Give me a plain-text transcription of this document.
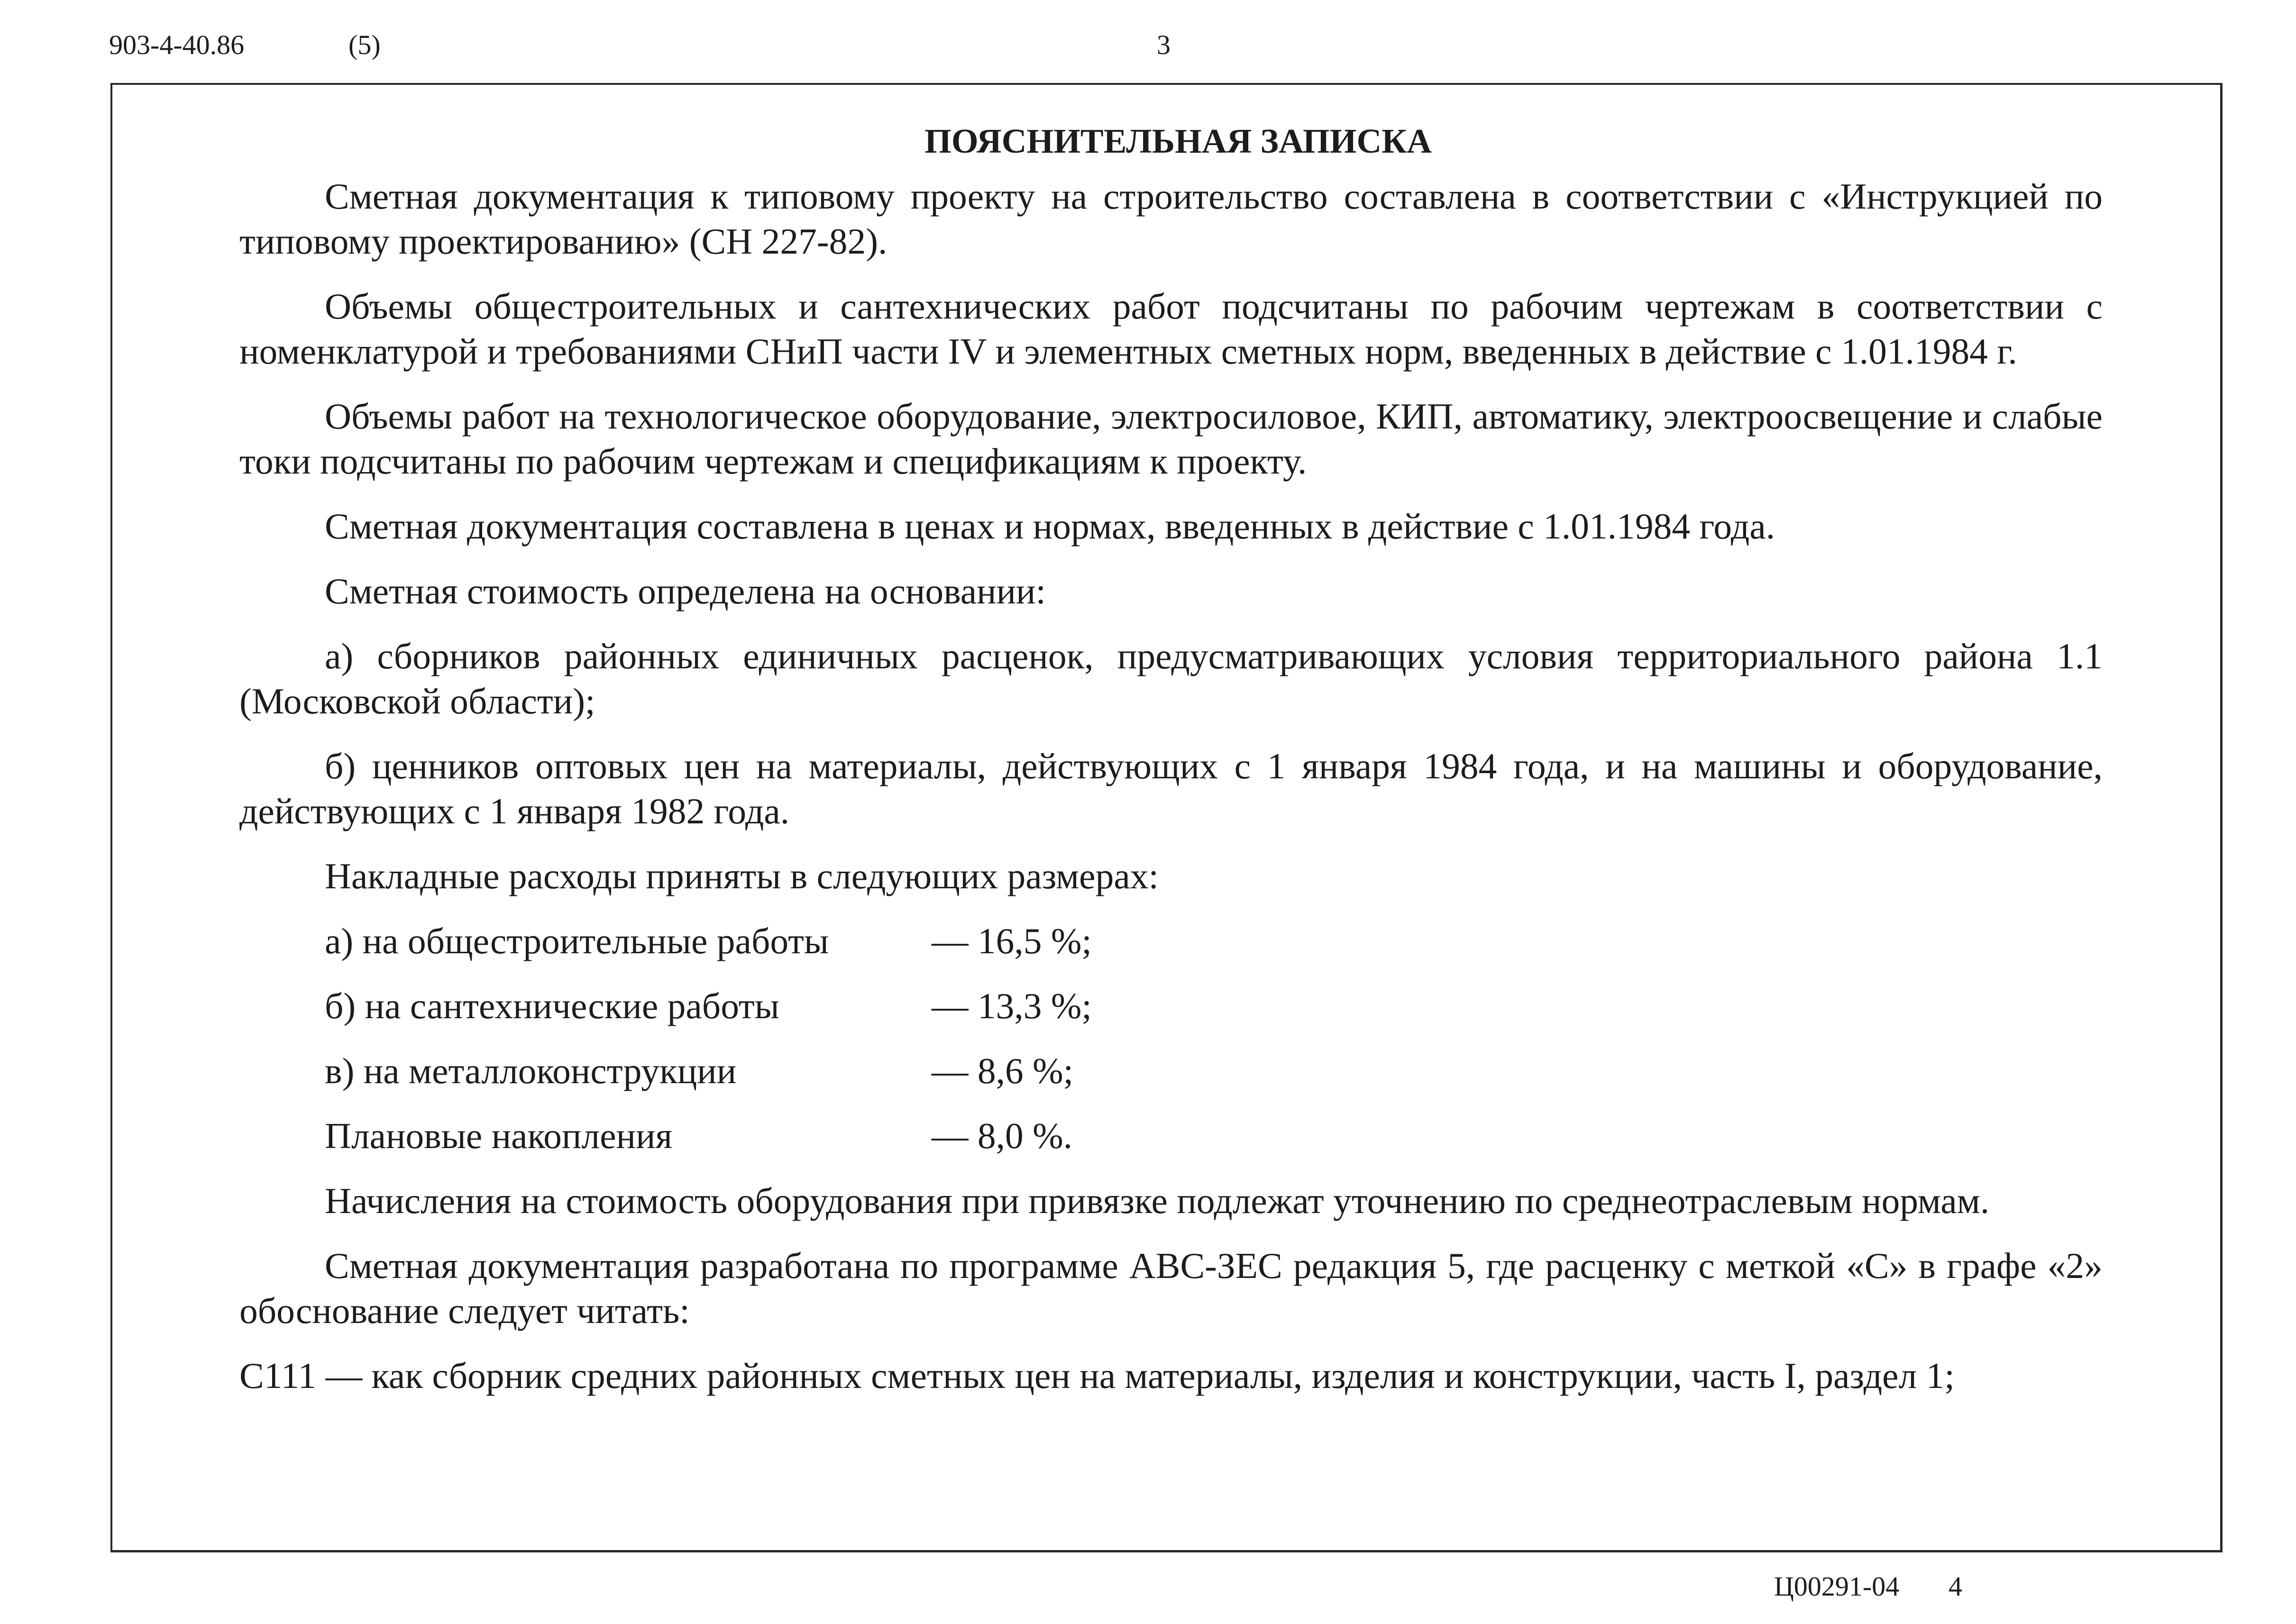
903-4-40.86	(5)	3

ПОЯСНИТЕЛЬНАЯ ЗАПИСКА

Сметная документация к типовому проекту на строительство составлена в соответствии с «Инструкцией по типовому проектированию» (СН 227-82).

Объемы общестроительных и сантехнических работ подсчитаны по рабочим чертежам в соответствии с номенклатурой и требованиями СНиП части IV и элементных сметных норм, введенных в действие с 1.01.1984 г.

Объемы работ на технологическое оборудование, электросиловое, КИП, автоматику, электроосвещение и слабые токи подсчитаны по рабочим чертежам и спецификациям к проекту.

Сметная документация составлена в ценах и нормах, введенных в действие с 1.01.1984 года.

Сметная стоимость определена на основании:

а) сборников районных единичных расценок, предусматривающих условия территориального района 1.1 (Московской области);

б) ценников оптовых цен на материалы, действующих с 1 января 1984 года, и на машины и оборудование, действующих с 1 января 1982 года.

Накладные расходы приняты в следующих размерах:

а) на общестроительные работы	— 16,5 %;
б) на сантехнические работы	— 13,3 %;
в) на металлоконструкции	— 8,6 %;
Плановые накопления	— 8,0 %.

Начисления на стоимость оборудования при привязке подлежат уточнению по среднеотраслевым нормам.

Сметная документация разработана по программе АВС-ЗЕС редакция 5, где расценку с меткой «С» в графе «2» обоснование следует читать:

С111 — как сборник средних районных сметных цен на материалы, изделия и конструкции, часть I, раздел 1;

Ц00291-04 4
